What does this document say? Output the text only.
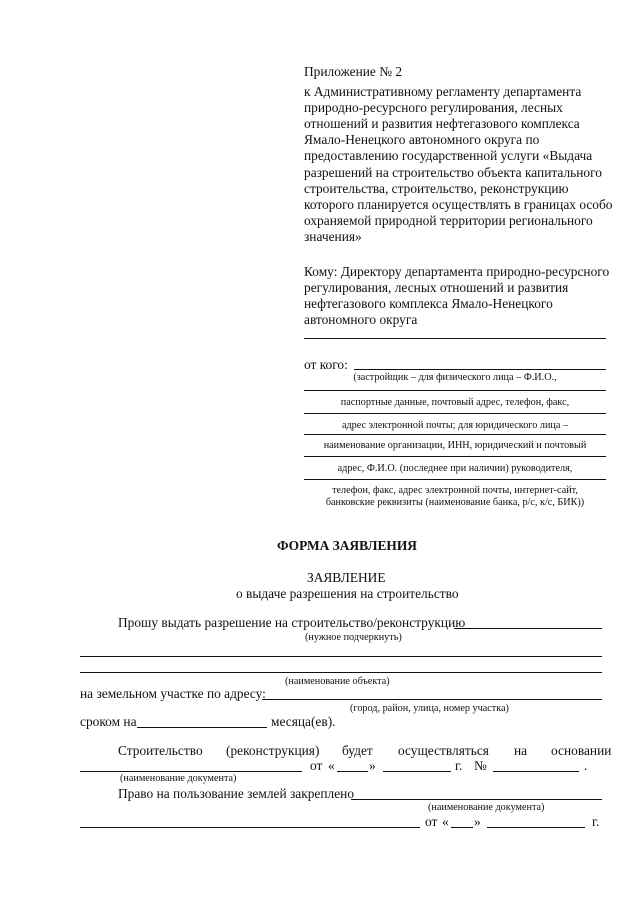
Приложение № 2
к Административному регламенту департамента
природно-ресурсного регулирования, лесных
отношений и развития нефтегазового комплекса
Ямало-Ненецкого автономного округа по
предоставлению государственной услуги «Выдача
разрешений на строительство объекта капитального
строительства, строительство, реконструкцию
которого планируется осуществлять в границах особо
охраняемой природной территории регионального
значения»
Кому: Директору департамента природно-ресурсного
регулирования, лесных отношений и развития
нефтегазового комплекса Ямало-Ненецкого
автономного округа
от кого:
(застройщик – для физического лица – Ф.И.О.,
паспортные данные, почтовый адрес, телефон, факс,
адрес электронной почты; для юридического лица –
наименование организации, ИНН, юридический и почтовый
адрес, Ф.И.О. (последнее при наличии) руководителя,
телефон, факс, адрес электронной почты, интернет-сайт,
банковские реквизиты (наименование банка, р/с, к/с, БИК))
ФОРМА ЗАЯВЛЕНИЯ
ЗАЯВЛЕНИЕ
о выдаче разрешения на строительство
Прошу выдать разрешение на строительство/реконструкцию
(нужное подчеркнуть)
(наименование объекта)
на земельном участке по адресу:
(город, район, улица, номер участка)
сроком на	месяца(ев).
Строительство (реконструкция) будет осуществляться на основании
от «	»	г. №	.
(наименование документа)
Право на пользование землей закреплено
(наименование документа)
от « »	г.
